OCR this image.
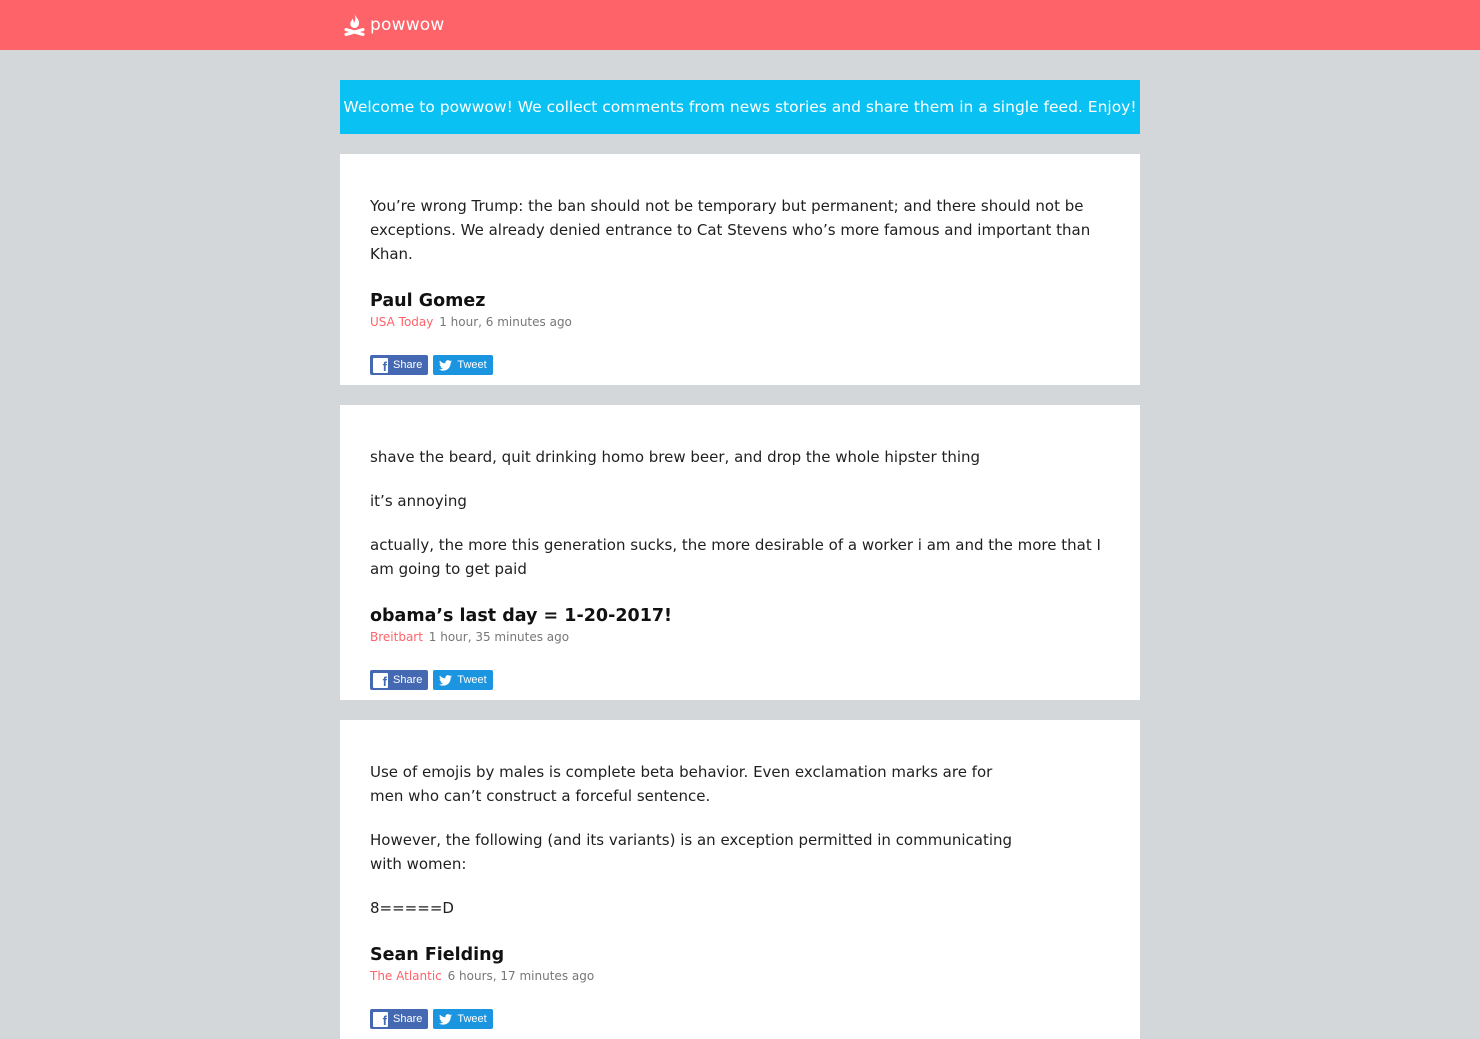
powwow
Welcome to powwow! We collect comments from news stories and share them in a single feed. Enjoy!

You’re wrong Trump: the ban should not be temporary but permanent; and there should not be exceptions. We already denied entrance to Cat Stevens who’s more famous and important than Khan.

Paul Gomez
USA Today 1 hour, 6 minutes ago
f Share	Tweet

shave the beard, quit drinking homo brew beer, and drop the whole hipster thing

it’s annoying

actually, the more this generation sucks, the more desirable of a worker i am and the more that I am going to get paid

obama’s last day = 1-20-2017!
Breitbart 1 hour, 35 minutes ago
f Share	Tweet

Use of emojis by males is complete beta behavior. Even exclamation marks are for men who can’t construct a forceful sentence.

However, the following (and its variants) is an exception permitted in communicating with women:

8=====D

Sean Fielding
The Atlantic 6 hours, 17 minutes ago
f Share	Tweet
